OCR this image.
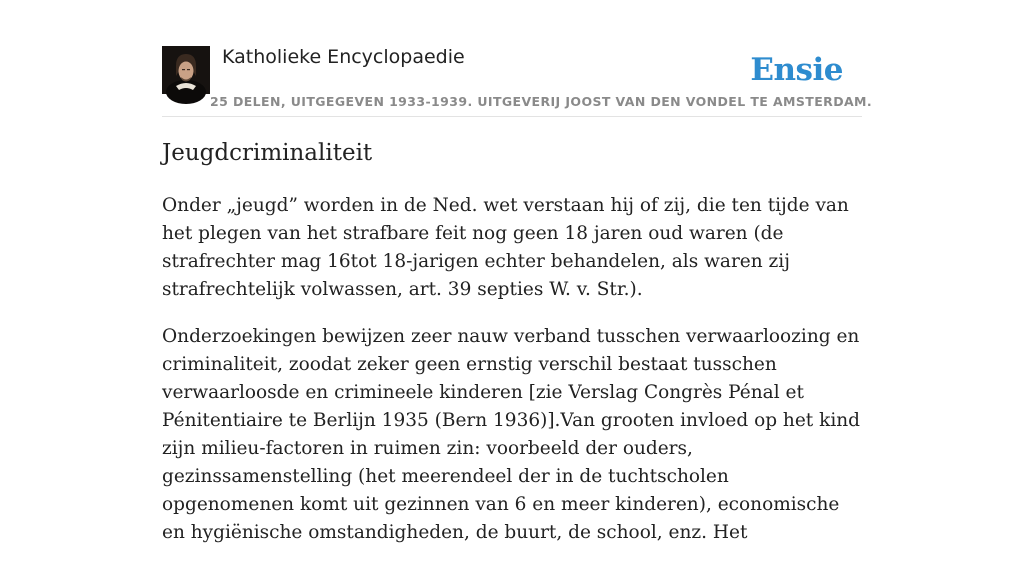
Katholieke Encyclopaedie	Ensie
25 DELEN, UITGEGEVEN 1933-1939. UITGEVERIJ JOOST VAN DEN VONDEL TE AMSTERDAM.
Jeugdcriminaliteit

Onder „jeugd” worden in de Ned. wet verstaan hij of zij, die ten tijde van het plegen van het strafbare feit nog geen 18 jaren oud waren (de strafrechter mag 16tot 18-jarigen echter behandelen, als waren zij strafrechtelijk volwassen, art. 39 septies W. v. Str.).

Onderzoekingen bewijzen zeer nauw verband tusschen verwaarloozing en criminaliteit, zoodat zeker geen ernstig verschil bestaat tusschen verwaarloosde en crimineele kinderen [zie Verslag Congrès Pénal et Pénitentiaire te Berlijn 1935 (Bern 1936)].Van grooten invloed op het kind zijn milieu-factoren in ruimen zin: voorbeeld der ouders, gezinssamenstelling (het meerendeel der in de tuchtscholen opgenomenen komt uit gezinnen van 6 en meer kinderen), economische en hygiënische omstandigheden, de buurt, de school, enz. Het
